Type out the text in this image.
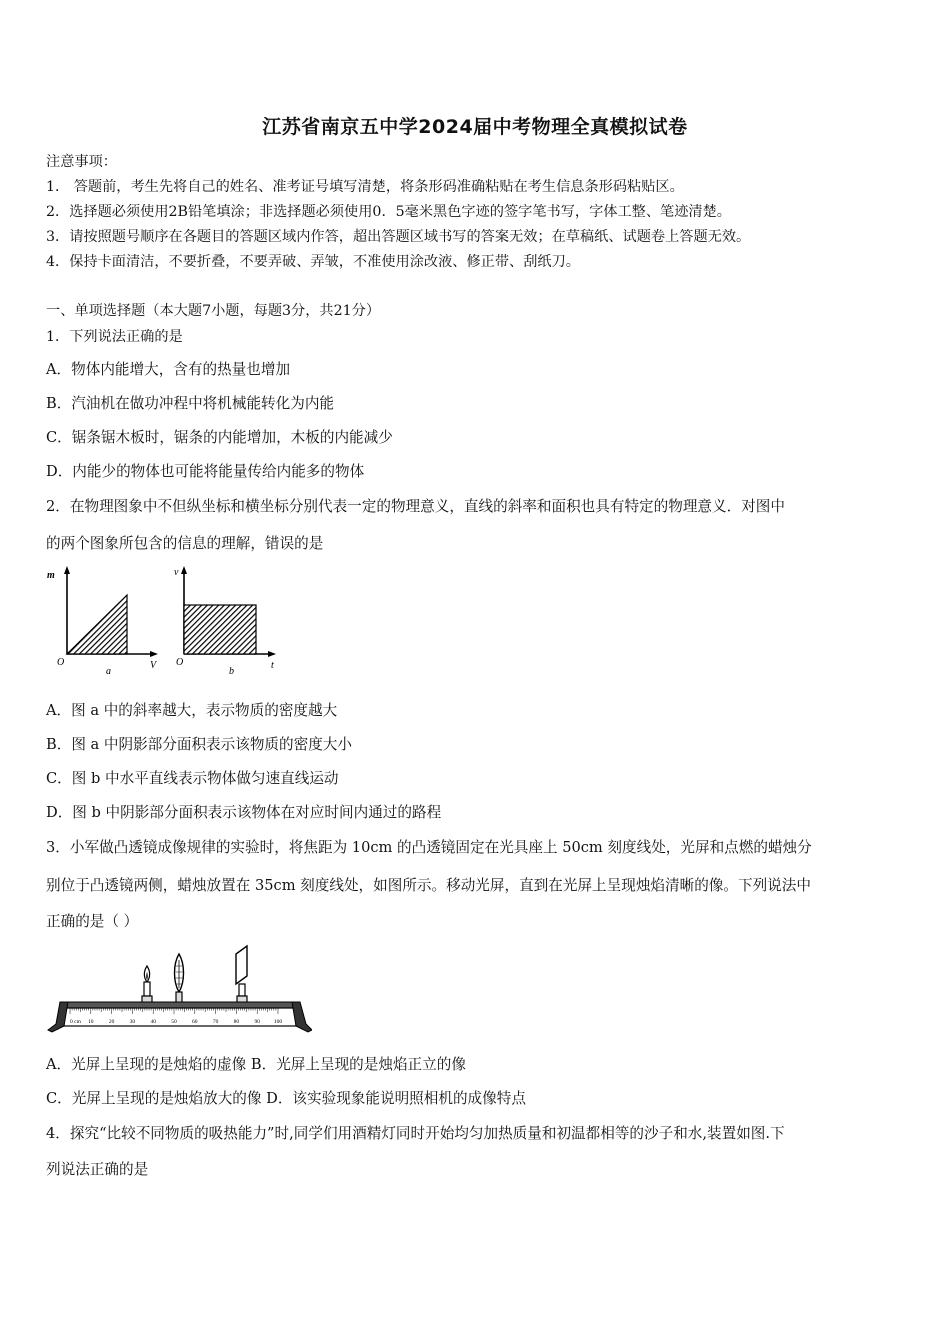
江苏省南京五中学2024届中考物理全真模拟试卷
注意事项：
1． 答题前，考生先将自己的姓名、准考证号填写清楚，将条形码准确粘贴在考生信息条形码粘贴区。
2．选择题必须使用2B铅笔填涂；非选择题必须使用0．5毫米黑色字迹的签字笔书写，字体工整、笔迹清楚。
3．请按照题号顺序在各题目的答题区域内作答，超出答题区域书写的答案无效；在草稿纸、试题卷上答题无效。
4．保持卡面清洁，不要折叠，不要弄破、弄皱，不准使用涂改液、修正带、刮纸刀。
一、单项选择题（本大题7小题，每题3分，共21分）
1．下列说法正确的是
A．物体内能增大，含有的热量也增加
B．汽油机在做功冲程中将机械能转化为内能
C．锯条锯木板时，锯条的内能增加，木板的内能减少
D．内能少的物体也可能将能量传给内能多的物体
2．在物理图象中不但纵坐标和横坐标分别代表一定的物理意义，直线的斜率和面积也具有特定的物理意义．对图中
的两个图象所包含的信息的理解，错误的是
m
V
O
a
v
t
O
b
A．图 a 中的斜率越大，表示物质的密度越大
B．图 a 中阴影部分面积表示该物质的密度大小
C．图 b 中水平直线表示物体做匀速直线运动
D．图 b 中阴影部分面积表示该物体在对应时间内通过的路程
3．小军做凸透镜成像规律的实验时，将焦距为 10cm 的凸透镜固定在光具座上 50cm 刻度线处，光屏和点燃的蜡烛分
别位于凸透镜两侧，蜡烛放置在 35cm 刻度线处，如图所示。移动光屏，直到在光屏上呈现烛焰清晰的像。下列说法中
正确的是（ ）
0 cm 10	20	30	40	50	60	70	80	90	100
A．光屏上呈现的是烛焰的虚像 B．光屏上呈现的是烛焰正立的像
C．光屏上呈现的是烛焰放大的像 D．该实验现象能说明照相机的成像特点
4．探究“比较不同物质的吸热能力”时,同学们用酒精灯同时开始均匀加热质量和初温都相等的沙子和水,装置如图.下
列说法正确的是
